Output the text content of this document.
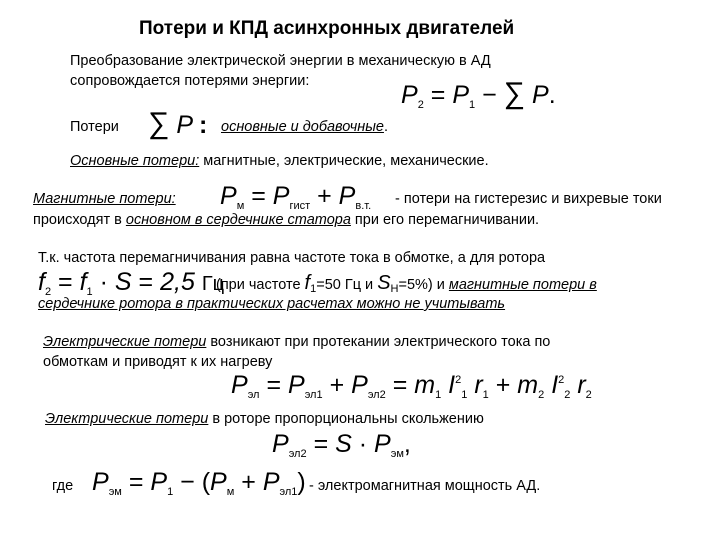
Потери и КПД асинхронных двигателей
Преобразование электрической энергии в механическую в АД
сопровождается потерями энергии:	$P_2 = P_1$ − ∑ P.
Потери ∑ P : основные и добавочные.
Основные потери: магнитные, электрические, механические.
Магнитные потери: $P_м = P_{гист} + P_{в.т.}$ - потери на гистерезис и вихревые токи
происходят в основном в сердечнике статора при его перемагничивании.
Т.к. частота перемагничивания равна частоте тока в обмотке, а для ротора
$f_2 = f_1 \cdot S = 2,5$ Гц
(при частоте $f_1=50$ Гц и $S_Н=5\%$) и магнитные потери в
сердечнике ротора в практических расчетах можно не учитывать
Электрические потери возникают при протекании электрического тока по
обмоткам и приводят к их нагреву
$P_{эл} = P_{эл1} + P_{эл2} = m_1$ $I^2_1$ $r_1 + m_2$ $I^2_2$ $r_2$
Электрические потери в роторе пропорциональны скольжению
$P_{эл2} = S \cdot P_{эм}$,
где $P_{эм} = P_1 - (P_м + P_{эл1})$ - электромагнитная мощность АД.
